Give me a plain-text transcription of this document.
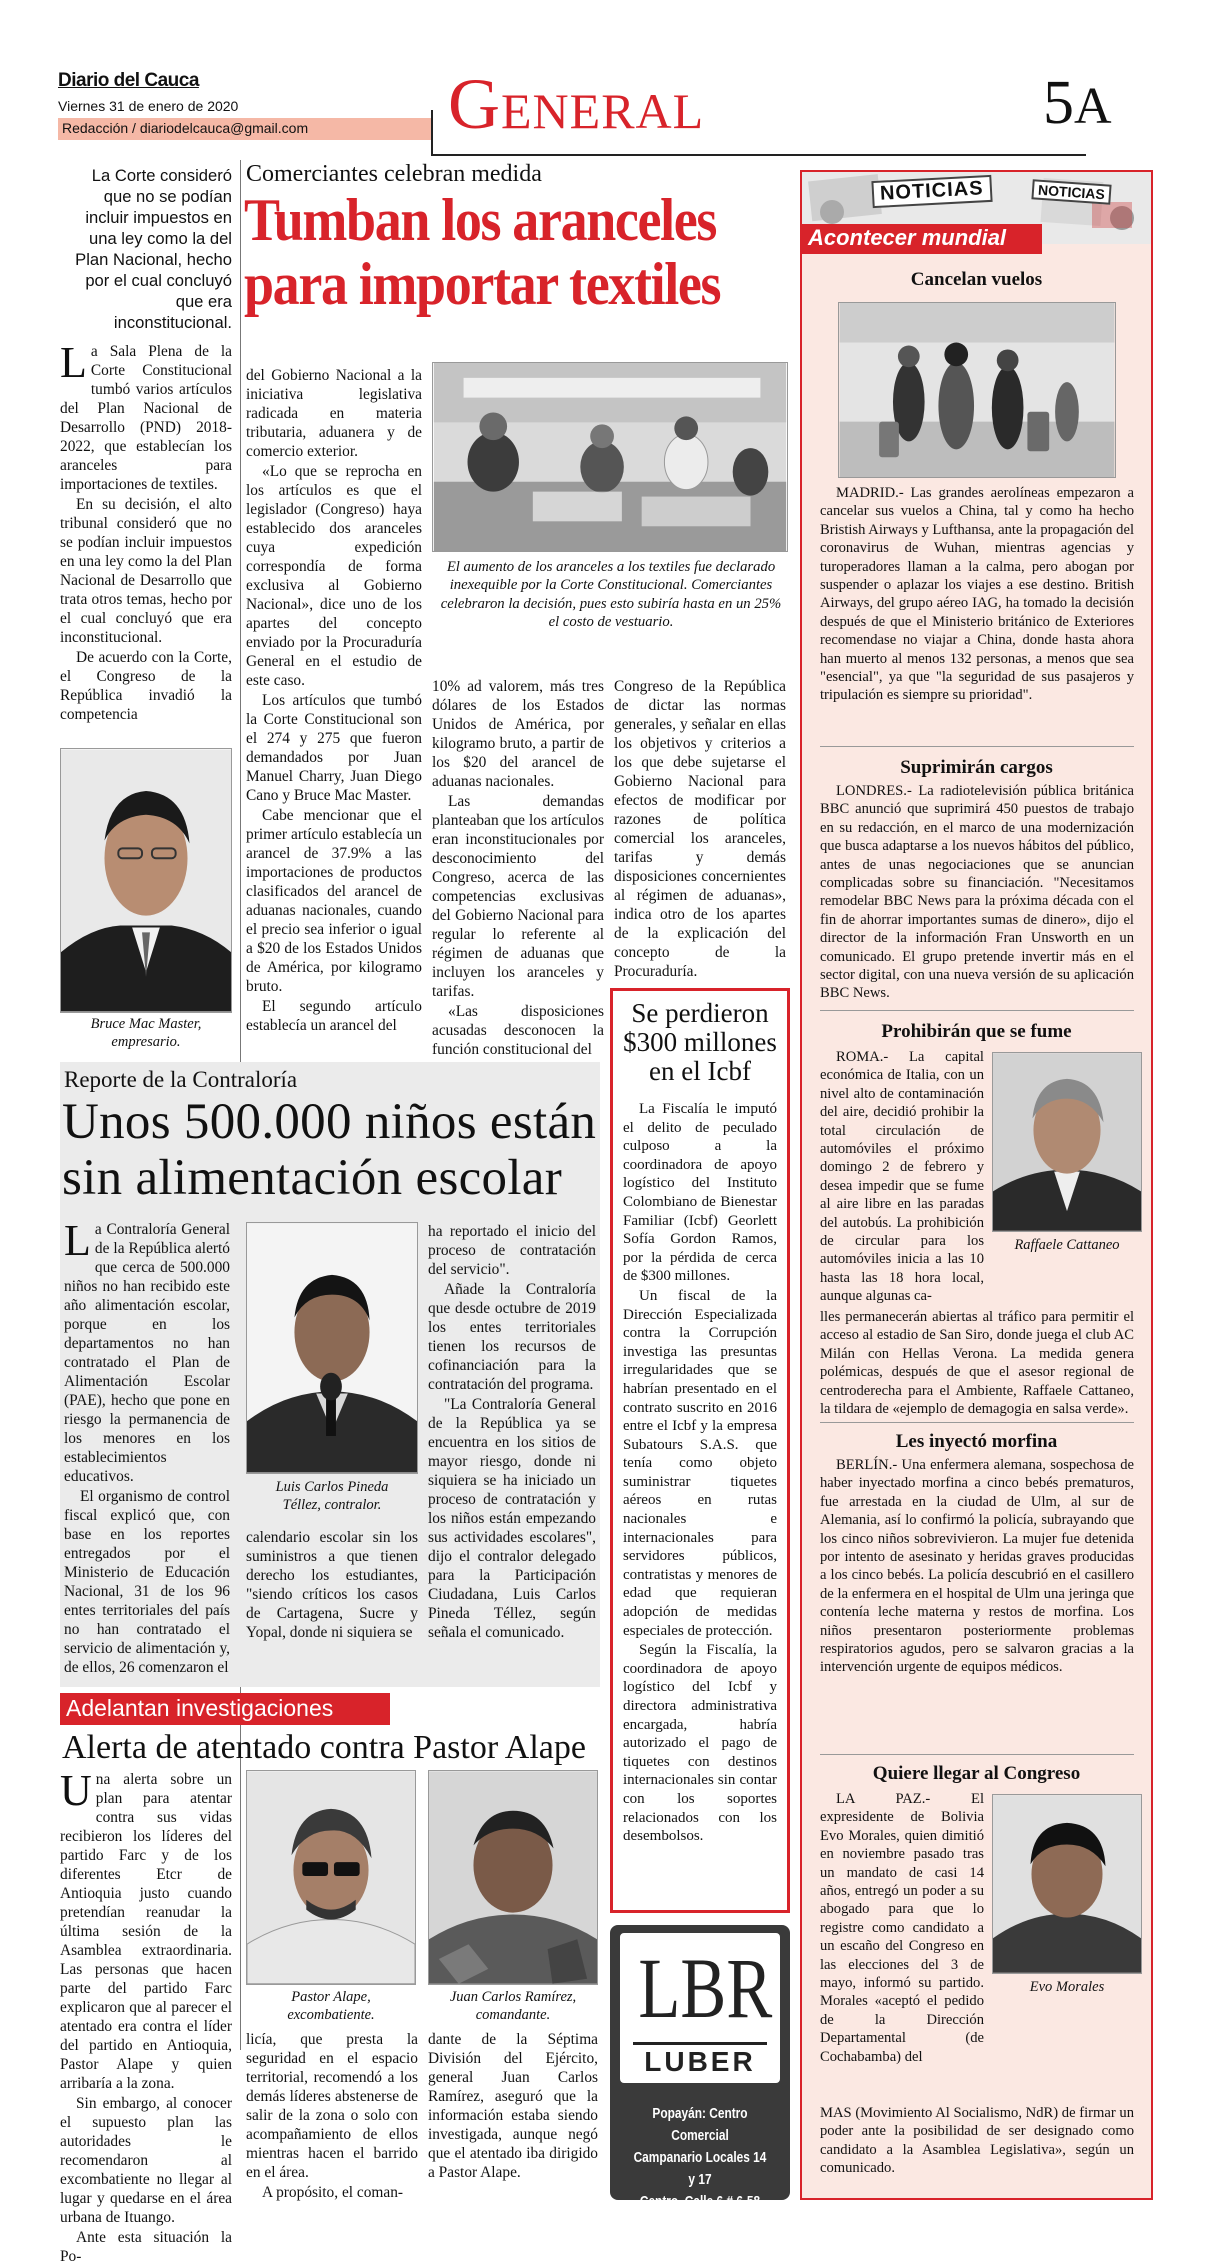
Diario del Cauca
Viernes 31 de enero de 2020
Redacción / diariodelcauca@gmail.com General	5A

La Corte consideró que no se podían incluir impuestos en una ley como la del Plan Nacional, hecho por el cual concluyó que era inconstitucional.

Comerciantes celebran medida
Tumban los aranceles
para importar textiles

La Sala Plena de la Corte Constitucional tumbó varios artículos del Plan Nacional de Desarrollo (PND) 2018-2022, que establecían los aranceles para importaciones de textiles.

En su decisión, el alto tribunal consideró que no se podían incluir impuestos en una ley como la del Plan Nacional de Desarrollo que trata otros temas, hecho por el cual concluyó que era inconstitucional.

De acuerdo con la Corte, el Congreso de la República invadió la competencia

Bruce Mac Master,
empresario.

del Gobierno Nacional a la iniciativa legislativa radicada en materia tributaria, aduanera y de comercio exterior.

«Lo que se reprocha en los artículos es que el legislador (Congreso) haya establecido dos aranceles cuya expedición correspondía de forma exclusiva al Gobierno Nacional», dice uno de los apartes del concepto enviado por la Procuraduría General en el estudio de este caso.

Los artículos que tumbó la Corte Constitucional son el 274 y 275 que fueron demandados por Juan Manuel Charry, Juan Diego Cano y Bruce Mac Master.

Cabe mencionar que el primer artículo establecía un arancel de 37.9% a las importaciones de productos clasificados del arancel de aduanas nacionales, cuando el precio sea inferior o igual a $20 de los Estados Unidos de América, por kilogramo bruto.

El segundo artículo establecía un arancel del

El aumento de los aranceles a los textiles fue declarado inexequible por la Corte Constitucional. Comerciantes celebraron la decisión, pues esto subiría hasta en un 25% el costo de vestuario.

10% ad valorem, más tres dólares de los Estados Unidos de América, por kilogramo bruto, a partir de los $20 del arancel de aduanas nacionales.

Las demandas planteaban que los artículos eran inconstitucionales por desconocimiento del Congreso, acerca de las competencias exclusivas del Gobierno Nacional para regular lo referente al régimen de aduanas que incluyen los aranceles y tarifas.

«Las disposiciones acusadas desconocen la función constitucional del

Congreso de la República de dictar las normas generales, y señalar en ellas los objetivos y criterios a los que debe sujetarse el Gobierno Nacional para efectos de modificar por razones de política comercial los aranceles, tarifas y demás disposiciones concernientes al régimen de aduanas», indica otro de los apartes de la explicación del concepto de la Procuraduría.

Reporte de la Contraloría
Unos 500.000 niños están
sin alimentación escolar

La Contraloría General de la República alertó que cerca de 500.000 niños no han recibido este año alimentación escolar, porque en los departamentos no han contratado el Plan de Alimentación Escolar (PAE), hecho que pone en riesgo la permanencia de los menores en los establecimientos educativos.

El organismo de control fiscal explicó que, con base en los reportes entregados por el Ministerio de Educación Nacional, 31 de los 96 entes territoriales del país no han contratado el servicio de alimentación y, de ellos, 26 comenzaron el

Luis Carlos Pineda
Téllez, contralor.

calendario escolar sin los suministros a que tienen derecho los estudiantes, "siendo críticos los casos de Cartagena, Sucre y Yopal, donde ni siquiera se

ha reportado el inicio del proceso de contratación del servicio".

Añade la Contraloría que desde octubre de 2019 los entes territoriales tienen los recursos de cofinanciación para la contratación del programa.

"La Contraloría General de la República ya se encuentra en los sitios de mayor riesgo, donde ni siquiera se ha iniciado un proceso de contratación y los niños están empezando sus actividades escolares", dijo el contralor delegado para la Participación Ciudadana, Luis Carlos Pineda Téllez, según señala el comunicado.

Se perdieron $300 millones en el Icbf

La Fiscalía le imputó el delito de peculado culposo a la coordinadora de apoyo logístico del Instituto Colombiano de Bienestar Familiar (Icbf) Georlett Sofía Gordon Ramos, por la pérdida de cerca de $300 millones.

Un fiscal de la Dirección Especializada contra la Corrupción investiga las presuntas irregularidades que se habrían presentado en el contrato suscrito en 2016 entre el Icbf y la empresa Subatours S.A.S. que tenía como objeto suministrar tiquetes aéreos en rutas nacionales e internacionales para servidores públicos, contratistas y menores de edad que requieran adopción de medidas especiales de protección.

Según la Fiscalía, la coordinadora de apoyo logístico del Icbf y directora administrativa encargada, habría autorizado el pago de tiquetes con destinos internacionales sin contar con los soportes relacionados con los desembolsos.

Adelantan investigaciones
Alerta de atentado contra Pastor Alape

Una alerta sobre un plan para atentar contra sus vidas recibieron los líderes del partido Farc y de los diferentes Etcr de Antioquia justo cuando pretendían reanudar la última sesión de la Asamblea extraordinaria. Las personas que hacen parte del partido Farc explicaron que al parecer el atentado era contra el líder del partido en Antioquia, Pastor Alape y quien arribaría a la zona.

Sin embargo, al conocer el supuesto plan las autoridades le recomendaron al excombatiente no llegar al lugar y quedarse en el área urbana de Ituango.

Ante esta situación la Po-

Pastor Alape,
excombatiente.
Juan Carlos Ramírez,
comandante.

licía, que presta la seguridad en el espacio territorial, recomendó a los demás líderes abstenerse de salir de la zona o solo con acompañamiento de ellos mientras hacen el barrido en el área.

A propósito, el coman-

dante de la Séptima División del Ejército, general Juan Carlos Ramírez, aseguró que la información estaba siendo investigada, aunque negó que el atentado iba dirigido a Pastor Alape.

LBR
LUBER
Popayán: Centro Comercial
Campanario Locales 14 y 17
Centro, Calle 6 # 6-58
NOTICIAS	NOTICIAS
Acontecer mundial
Cancelan vuelos

MADRID.- Las grandes aerolíneas empezaron a cancelar sus vuelos a China, tal y como ha hecho Bristish Airways y Lufthansa, ante la propagación del coronavirus de Wuhan, mientras agencias y turoperadores llaman a la calma, pero abogan por suspender o aplazar los viajes a ese destino. British Airways, del grupo aéreo IAG, ha tomado la decisión después de que el Ministerio británico de Exteriores recomendase no viajar a China, donde hasta ahora han muerto al menos 132 personas, a menos que sea "esencial", ya que "la seguridad de sus pasajeros y tripulación es siempre su prioridad".

Suprimirán cargos

LONDRES.- La radiotelevisión pública británica BBC anunció que suprimirá 450 puestos de trabajo en su redacción, en el marco de una modernización que busca adaptarse a los nuevos hábitos del público, antes de unas negociaciones que se anuncian complicadas sobre su financiación. "Necesitamos remodelar BBC News para la próxima década con el fin de ahorrar importantes sumas de dinero», dijo el director de la información Fran Unsworth en un comunicado. El grupo pretende invertir más en el sector digital, con una nueva versión de su aplicación BBC News.

Prohibirán que se fume

ROMA.- La capital económica de Italia, con un nivel alto de contaminación del aire, decidió prohibir la total circulación de automóviles el próximo domingo 2 de febrero y desea impedir que se fume al aire libre en las paradas del autobús. La prohibición de circular para los automóviles inicia a las 10 hasta las 18 hora local, aunque algunas ca-

Raffaele Cattaneo

lles permanecerán abiertas al tráfico para permitir el acceso al estadio de San Siro, donde juega el club AC Milán con Hellas Verona. La medida genera polémicas, después de que el asesor regional de centroderecha para el Ambiente, Raffaele Cattaneo, la tildara de «ejemplo de demagogia en salsa verde».

Les inyectó morfina

BERLÍN.- Una enfermera alemana, sospechosa de haber inyectado morfina a cinco bebés prematuros, fue arrestada en la ciudad de Ulm, al sur de Alemania, así lo confirmó la policía, subrayando que los cinco niños sobrevivieron. La mujer fue detenida por intento de asesinato y heridas graves producidas a los cinco bebés. La policía descubrió en el casillero de la enfermera en el hospital de Ulm una jeringa que contenía leche materna y restos de morfina. Los niños presentaron posteriormente problemas respiratorios agudos, pero se salvaron gracias a la intervención urgente de equipos médicos.

Quiere llegar al Congreso

LA PAZ.- El expresidente de Bolivia Evo Morales, quien dimitió en noviembre pasado tras un mandato de casi 14 años, entregó un poder a su abogado para que lo registre como candidato a un escaño del Congreso en las elecciones del 3 de mayo, informó su partido. Morales «aceptó el pedido de la Dirección Departamental (de Cochabamba) del

Evo Morales

MAS (Movimiento Al Socialismo, NdR) de firmar un poder ante la posibilidad de ser designado como candidato a la Asamblea Legislativa», según un comunicado.
